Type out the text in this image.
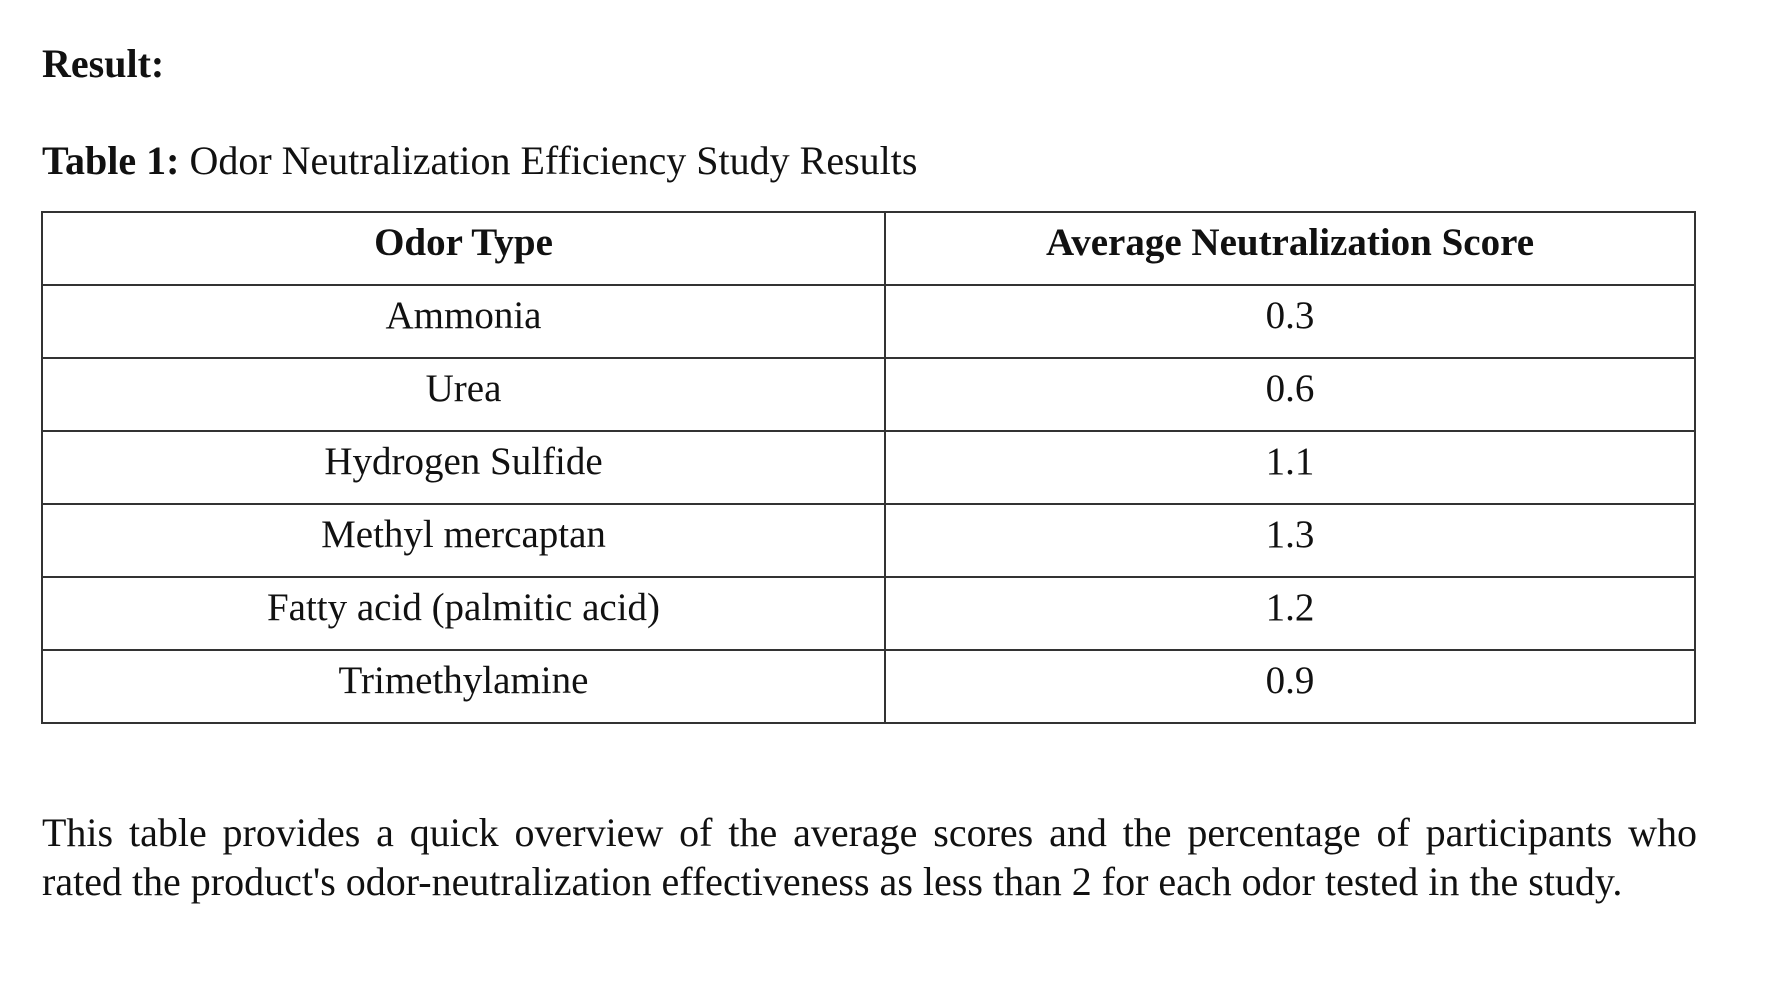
Result:

Table 1: Odor Neutralization Efficiency Study Results

Odor Type	Average Neutralization Score
Ammonia	0.3
Urea	0.6
Hydrogen Sulfide	1.1
Methyl mercaptan	1.3
Fatty acid (palmitic acid)	1.2
Trimethylamine	0.9

This table provides a quick overview of the average scores and the percentage of participants who rated the product's odor-neutralization effectiveness as less than 2 for each odor tested in the study.
